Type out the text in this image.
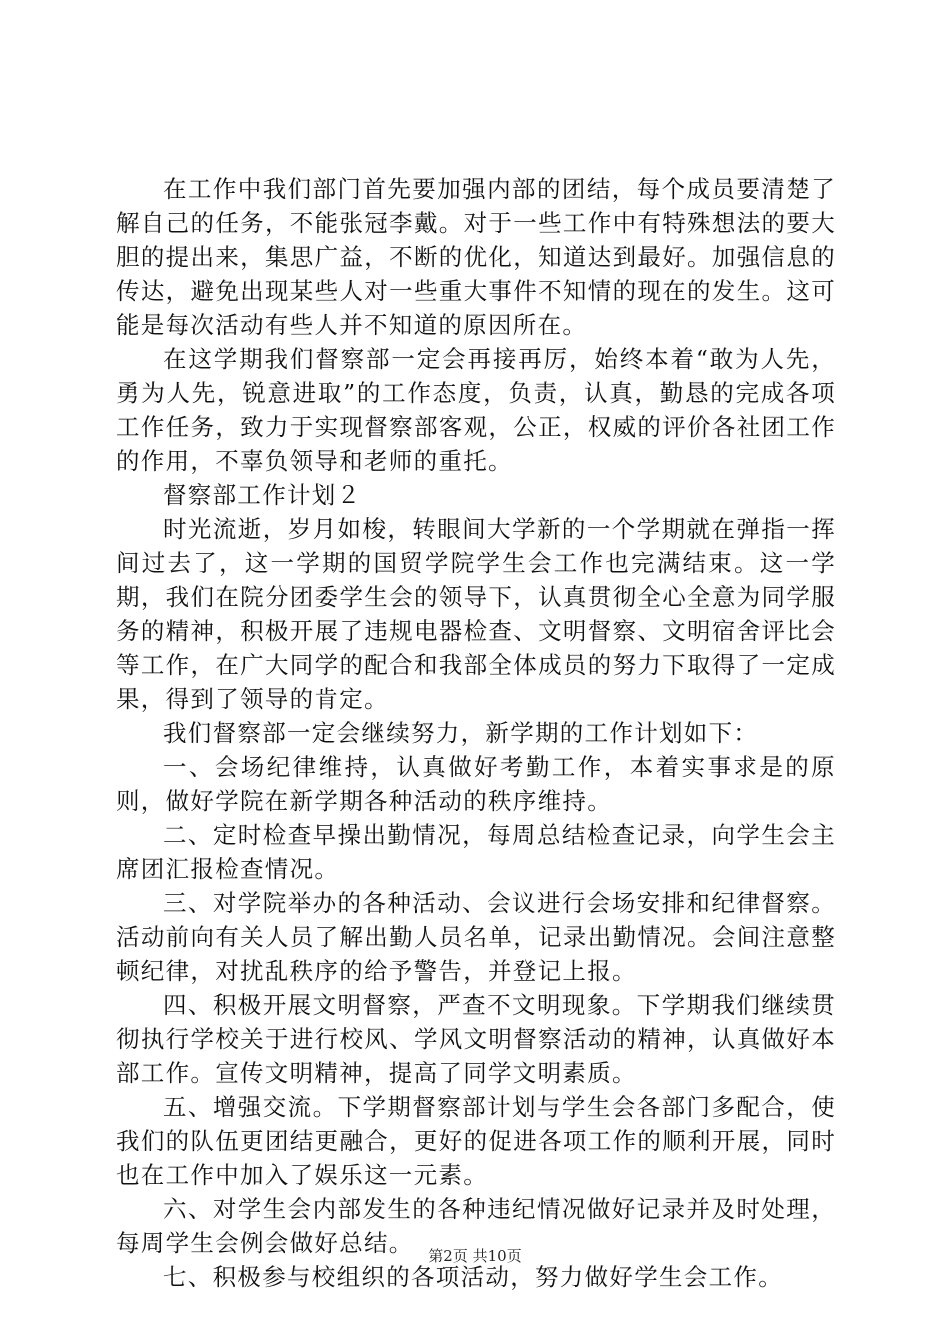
在工作中我们部门首先要加强内部的团结，每个成员要清楚了解自己的任务，不能张冠李戴。对于一些工作中有特殊想法的要大胆的提出来，集思广益，不断的优化，知道达到最好。加强信息的传达，避免出现某些人对一些重大事件不知情的现在的发生。这可能是每次活动有些人并不知道的原因所在。

在这学期我们督察部一定会再接再厉，始终本着“敢为人先，勇为人先，锐意进取”的工作态度，负责，认真，勤恳的完成各项工作任务，致力于实现督察部客观，公正，权威的评价各社团工作的作用，不辜负领导和老师的重托。

督察部工作计划２

时光流逝，岁月如梭，转眼间大学新的一个学期就在弹指一挥间过去了，这一学期的国贸学院学生会工作也完满结束。这一学期，我们在院分团委学生会的领导下，认真贯彻全心全意为同学服务的精神，积极开展了违规电器检查、文明督察、文明宿舍评比会等工作，在广大同学的配合和我部全体成员的努力下取得了一定成果，得到了领导的肯定。

我们督察部一定会继续努力，新学期的工作计划如下：

一、会场纪律维持，认真做好考勤工作，本着实事求是的原则，做好学院在新学期各种活动的秩序维持。

二、定时检查早操出勤情况，每周总结检查记录，向学生会主席团汇报检查情况。

三、对学院举办的各种活动、会议进行会场安排和纪律督察。活动前向有关人员了解出勤人员名单，记录出勤情况。会间注意整顿纪律，对扰乱秩序的给予警告，并登记上报。

四、积极开展文明督察，严查不文明现象。下学期我们继续贯彻执行学校关于进行校风、学风文明督察活动的精神，认真做好本部工作。宣传文明精神，提高了同学文明素质。

五、增强交流。下学期督察部计划与学生会各部门多配合，使我们的队伍更团结更融合，更好的促进各项工作的顺利开展，同时也在工作中加入了娱乐这一元素。

六、对学生会内部发生的各种违纪情况做好记录并及时处理，每周学生会例会做好总结。

七、积极参与校组织的各项活动，努力做好学生会工作。

第2页 共10页
